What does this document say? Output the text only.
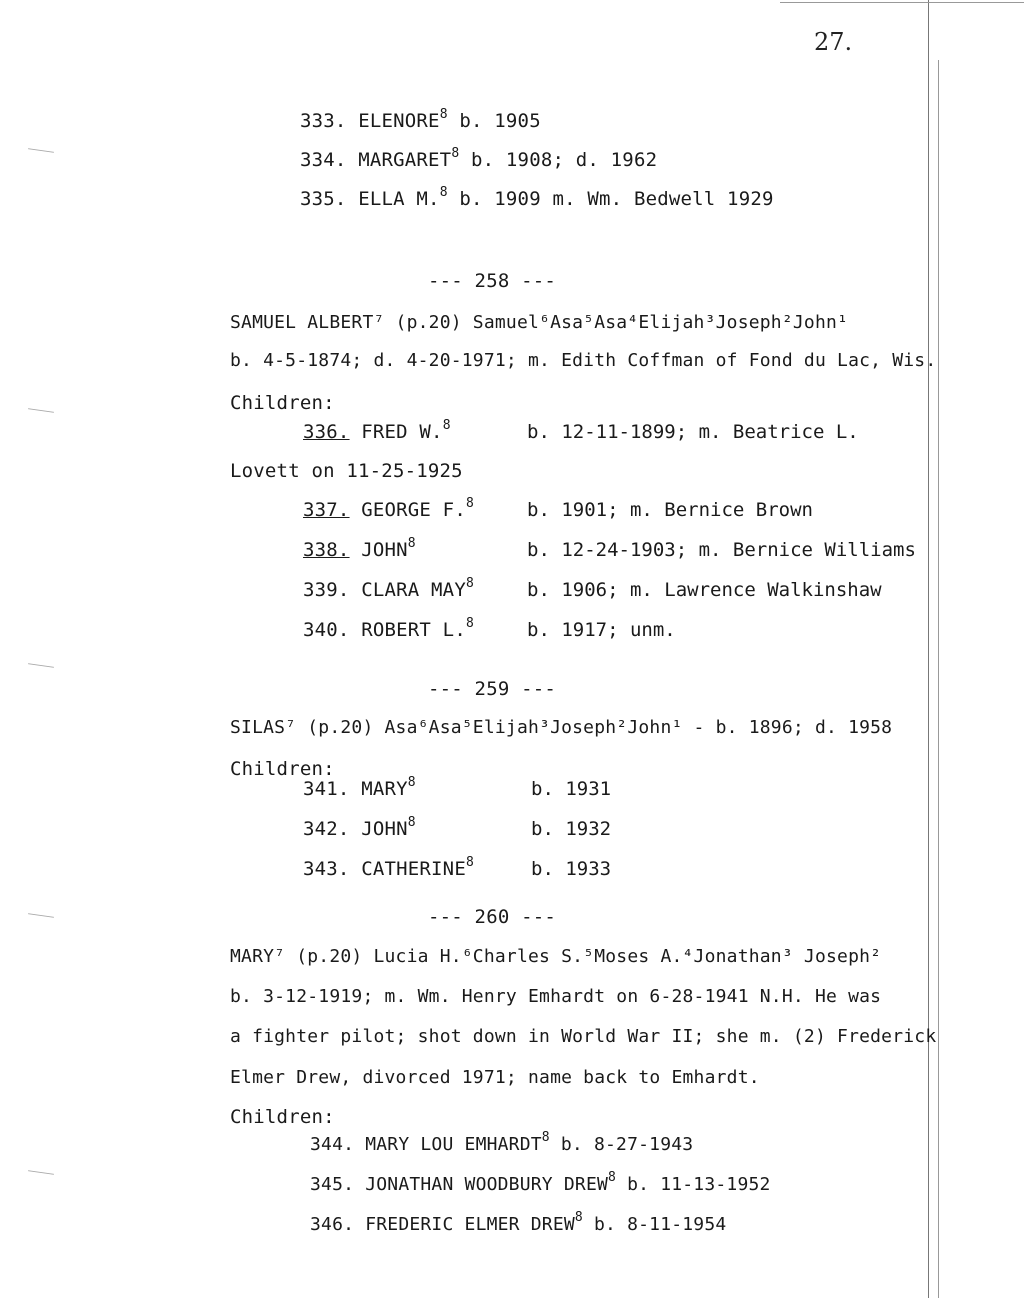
27.
333. ELENORE$^8$ b. 1905
334. MARGARET$^8$ b. 1908; d. 1962
335. ELLA M.$^8$ b. 1909 m. Wm. Bedwell 1929
--- 258 ---
SAMUEL ALBERT⁷ (p.20) Samuel⁶Asa⁵Asa⁴Elijah³Joseph²John¹
b. 4-5-1874; d. 4-20-1971; m. Edith Coffman of Fond du Lac, Wis.
Children:
336. FRED W.$^8$	b. 12-11-1899; m. Beatrice L.
Lovett on 11-25-1925
337. GEORGE F.$^8$	b. 1901; m. Bernice Brown
338. JOHN$^8$	b. 12-24-1903; m. Bernice Williams
339. CLARA MAY$^8$	b. 1906; m. Lawrence Walkinshaw
340. ROBERT L.$^8$	b. 1917; unm.
--- 259 ---
SILAS⁷ (p.20) Asa⁶Asa⁵Elijah³Joseph²John¹ - b. 1896; d. 1958
Children:
341. MARY$^8$	b. 1931
342. JOHN$^8$	b. 1932
343. CATHERINE$^8$	b. 1933
--- 260 ---
MARY⁷ (p.20) Lucia H.⁶Charles S.⁵Moses A.⁴Jonathan³ Joseph²
b. 3-12-1919; m. Wm. Henry Emhardt on 6-28-1941 N.H. He was
a fighter pilot; shot down in World War II; she m. (2) Frederick
Elmer Drew, divorced 1971; name back to Emhardt.
Children:
344. MARY LOU EMHARDT$^8$ b. 8-27-1943
345. JONATHAN WOODBURY DREW$^8$ b. 11-13-1952
346. FREDERIC ELMER DREW$^8$ b. 8-11-1954
